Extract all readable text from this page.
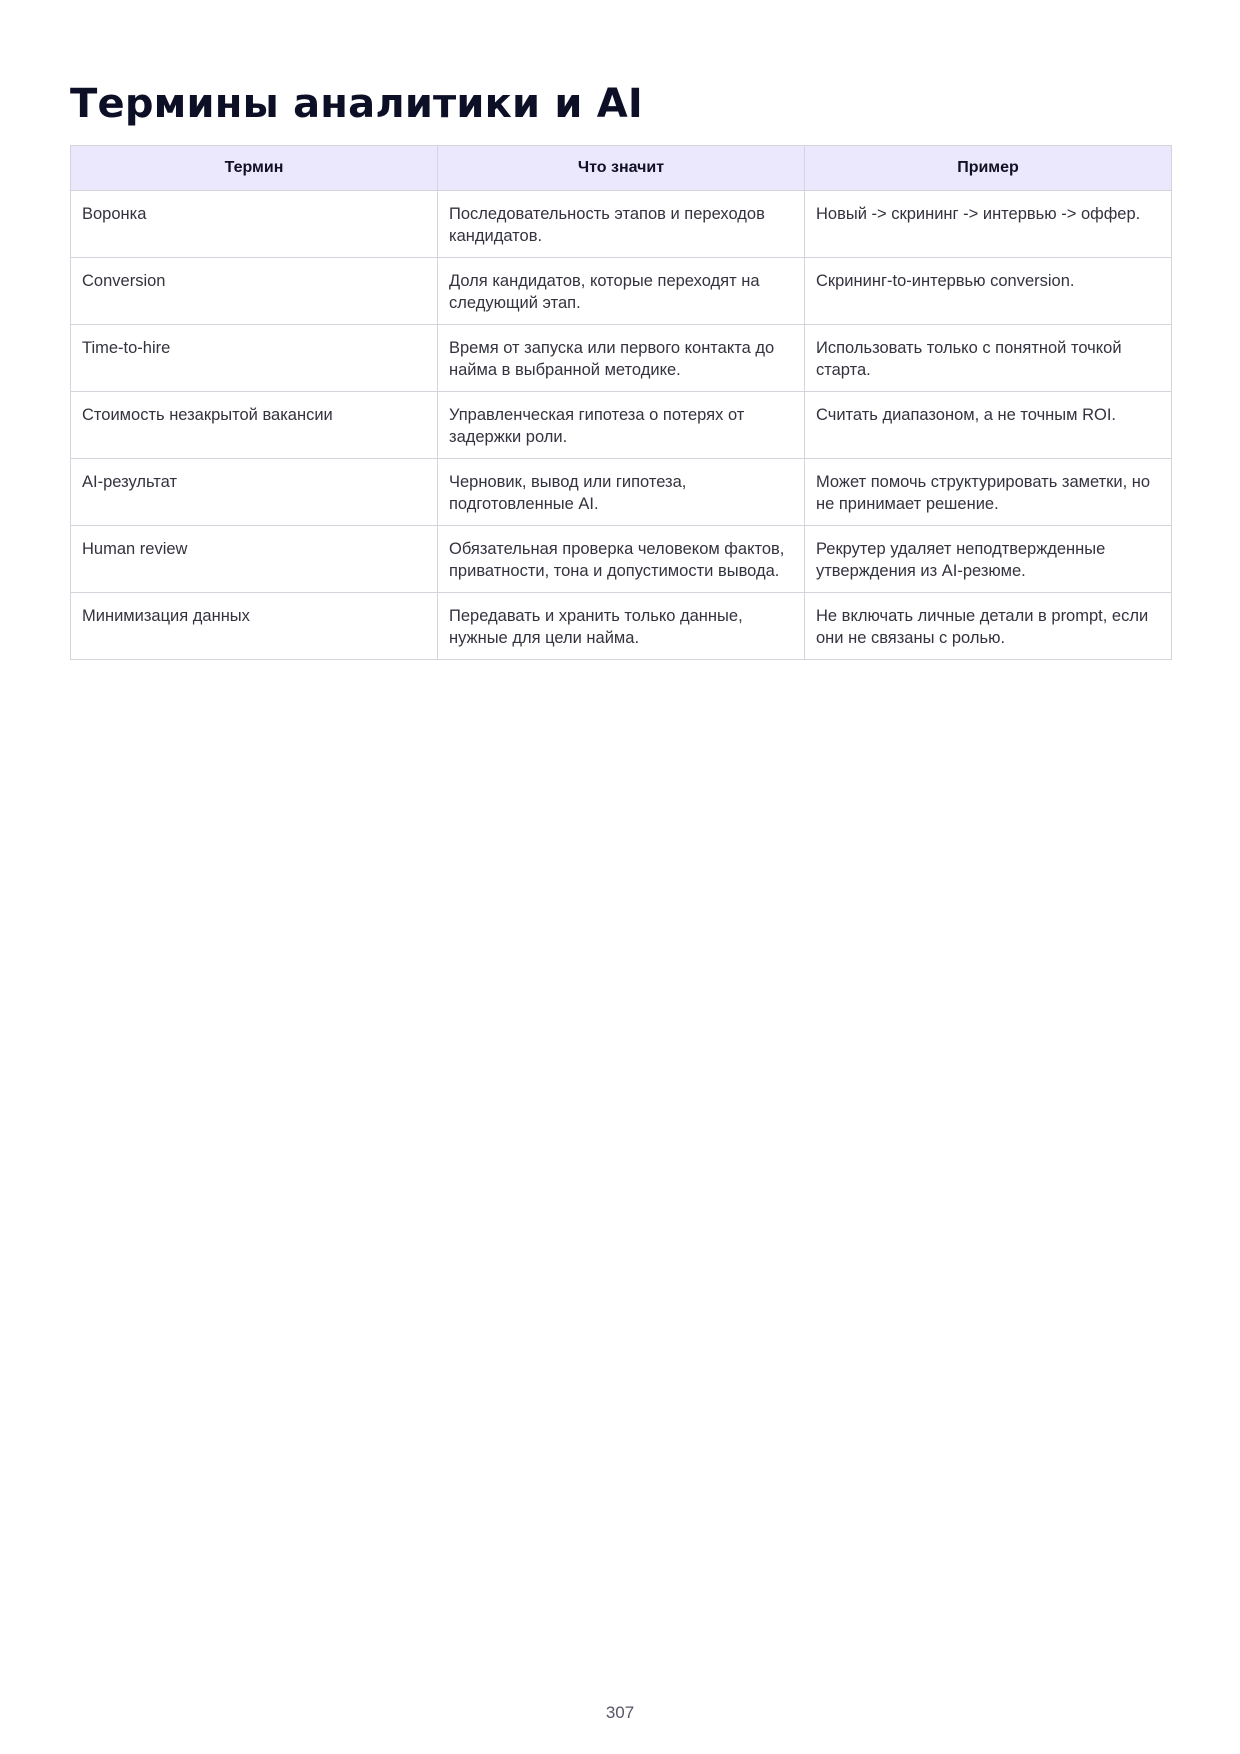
Термины аналитики и AI
Термин	Что значит	Пример
Воронка	Последовательность этапов и переходов кандидатов.	Новый -> скрининг -> интервью -> оффер.
Conversion	Доля кандидатов, которые переходят на следующий этап.	Скрининг-to-интервью conversion.
Time-to-hire	Время от запуска или первого контакта до найма в выбранной методике.	Использовать только с понятной точкой старта.
Стоимость незакрытой вакансии	Управленческая гипотеза о потерях от задержки роли.	Считать диапазоном, а не точным ROI.
AI-результат	Черновик, вывод или гипотеза, подготовленные AI.	Может помочь структурировать заметки, но не принимает решение.
Human review	Обязательная проверка человеком фактов, приватности, тона и допустимости вывода.	Рекрутер удаляет неподтвержденные утверждения из AI-резюме.
Минимизация данных	Передавать и хранить только данные, нужные для цели найма.	Не включать личные детали в prompt, если они не связаны с ролью.
307
